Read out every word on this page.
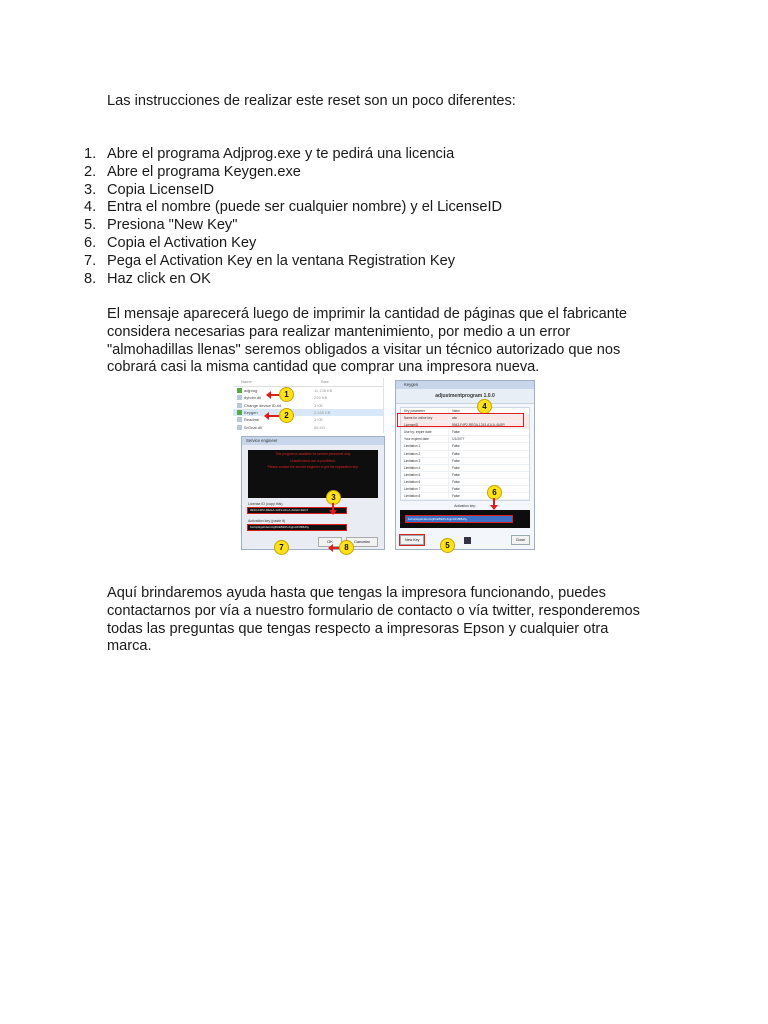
Las instrucciones de realizar este reset son un poco diferentes:

1. Abre el programa Adjprog.exe y te pedirá una licencia
2. Abre el programa Keygen.exe
3. Copia LicenseID
4. Entra el nombre (puede ser cualquier nombre) y el LicenseID
5. Presiona "New Key"
6. Copia el Activation Key
7. Pega el Activation Key en la ventana Registration Key
8. Haz click en OK

El mensaje aparecerá luego de imprimir la cantidad de páginas que el fabricante
considera necesarias para realizar mantenimiento, por medio a un error
"almohadillas llenas" seremos obligados a visitar un técnico autorizado que nos
cobrará casi la misma cantidad que comprar una impresora nueva.

Name	Size
adjprog	11,135 KB
dyhdrv.dll	226 KB
Change device ID.txt	1 KB
Keygen	2,165 KB
Readme	1 KB
SrGnat.dll	56 KB
Service engineer

This program is available for service personnel only.

Unauthorized use is prohibited.

Please contact the service engineer to get the registration key.

License ID (copy this)
9943-F4P2-REGA-1243-A1LA-4AGR-4EG7
Activation key (paste it)
bx2qzHgsK4wmGj3fcEB3tPoKgtv34VBBdhy
OK	Cancelar
Keygen
adjustmentprogram 1.0.0
Key parameter	Value
Name for online key	abc
LicenseID	9943-F4P2-REGA-1243-A1LA-4AGR
Use by: expire date	False
Your expired date	1/1/2077
Limitation 1	False
Limitation 2	False
Limitation 3	False
Limitation 4	False
Limitation 5	False
Limitation 6	False
Limitation 7	False
Limitation 8	False
Activation key:
bx2qzHgsK4wmGj3fcEB3tPoKgtv34VBBdhy
New Key	Close
1
2
3
4
5
6
7	8

Aquí brindaremos ayuda hasta que tengas la impresora funcionando, puedes
contactarnos por vía a nuestro formulario de contacto o vía twitter, responderemos
todas las preguntas que tengas respecto a impresoras Epson y cualquier otra
marca.
